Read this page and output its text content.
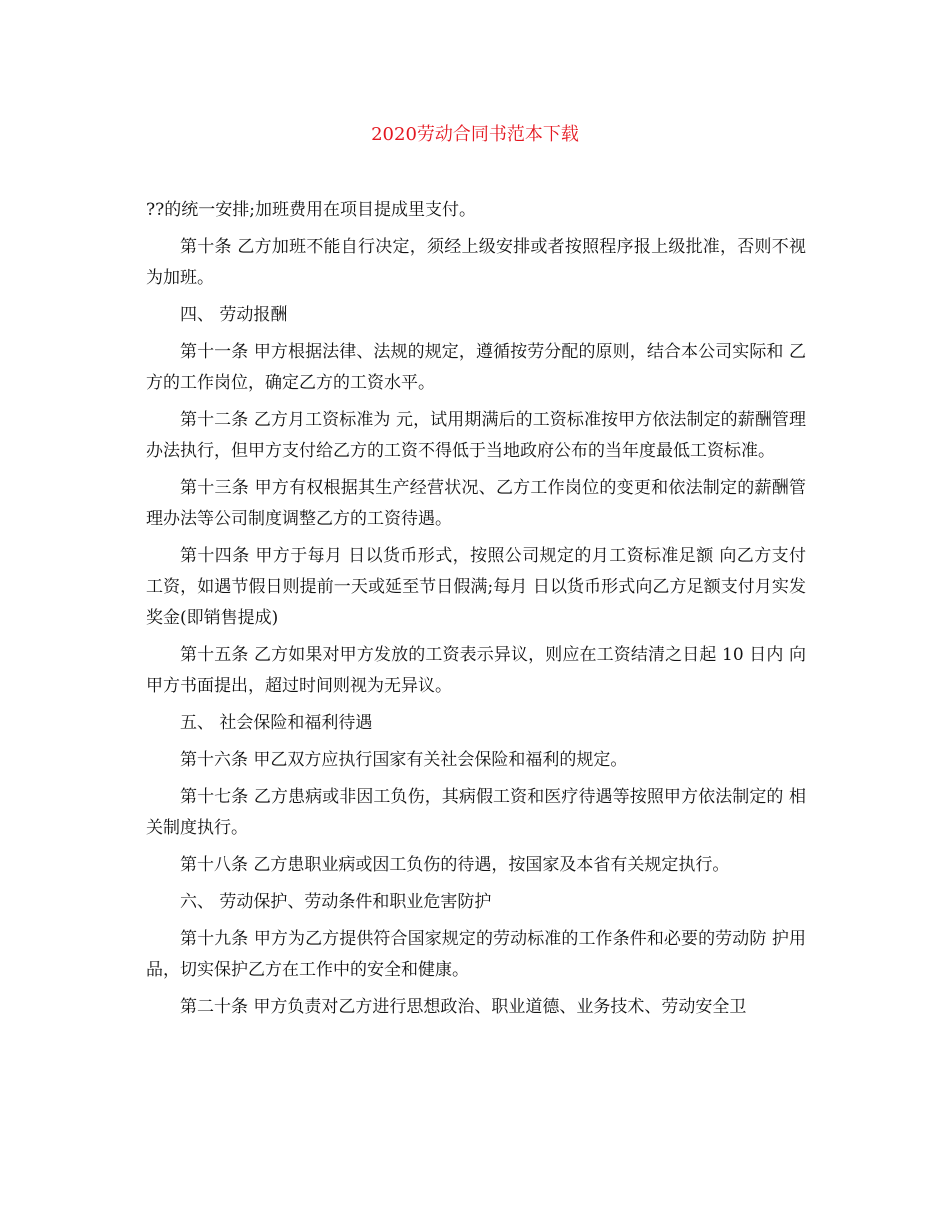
2020劳动合同书范本下载

??的统一安排;加班费用在项目提成里支付。

第十条 乙方加班不能自行决定，须经上级安排或者按照程序报上级批准，否则不视为加班。

四、 劳动报酬

第十一条 甲方根据法律、法规的规定，遵循按劳分配的原则，结合本公司实际和 乙方的工作岗位，确定乙方的工资水平。

第十二条 乙方月工资标准为 元，试用期满后的工资标准按甲方依法制定的薪酬管理办法执行，但甲方支付给乙方的工资不得低于当地政府公布的当年度最低工资标准。

第十三条 甲方有权根据其生产经营状况、乙方工作岗位的变更和依法制定的薪酬管理办法等公司制度调整乙方的工资待遇。

第十四条 甲方于每月 日以货币形式，按照公司规定的月工资标准足额 向乙方支付工资，如遇节假日则提前一天或延至节日假满;每月 日以货币形式向乙方足额支付月实发奖金(即销售提成)

第十五条 乙方如果对甲方发放的工资表示异议，则应在工资结清之日起 10 日内 向甲方书面提出，超过时间则视为无异议。

五、 社会保险和福利待遇

第十六条 甲乙双方应执行国家有关社会保险和福利的规定。

第十七条 乙方患病或非因工负伤，其病假工资和医疗待遇等按照甲方依法制定的 相关制度执行。

第十八条 乙方患职业病或因工负伤的待遇，按国家及本省有关规定执行。

六、 劳动保护、劳动条件和职业危害防护

第十九条 甲方为乙方提供符合国家规定的劳动标准的工作条件和必要的劳动防 护用品，切实保护乙方在工作中的安全和健康。

第二十条 甲方负责对乙方进行思想政治、职业道德、业务技术、劳动安全卫
